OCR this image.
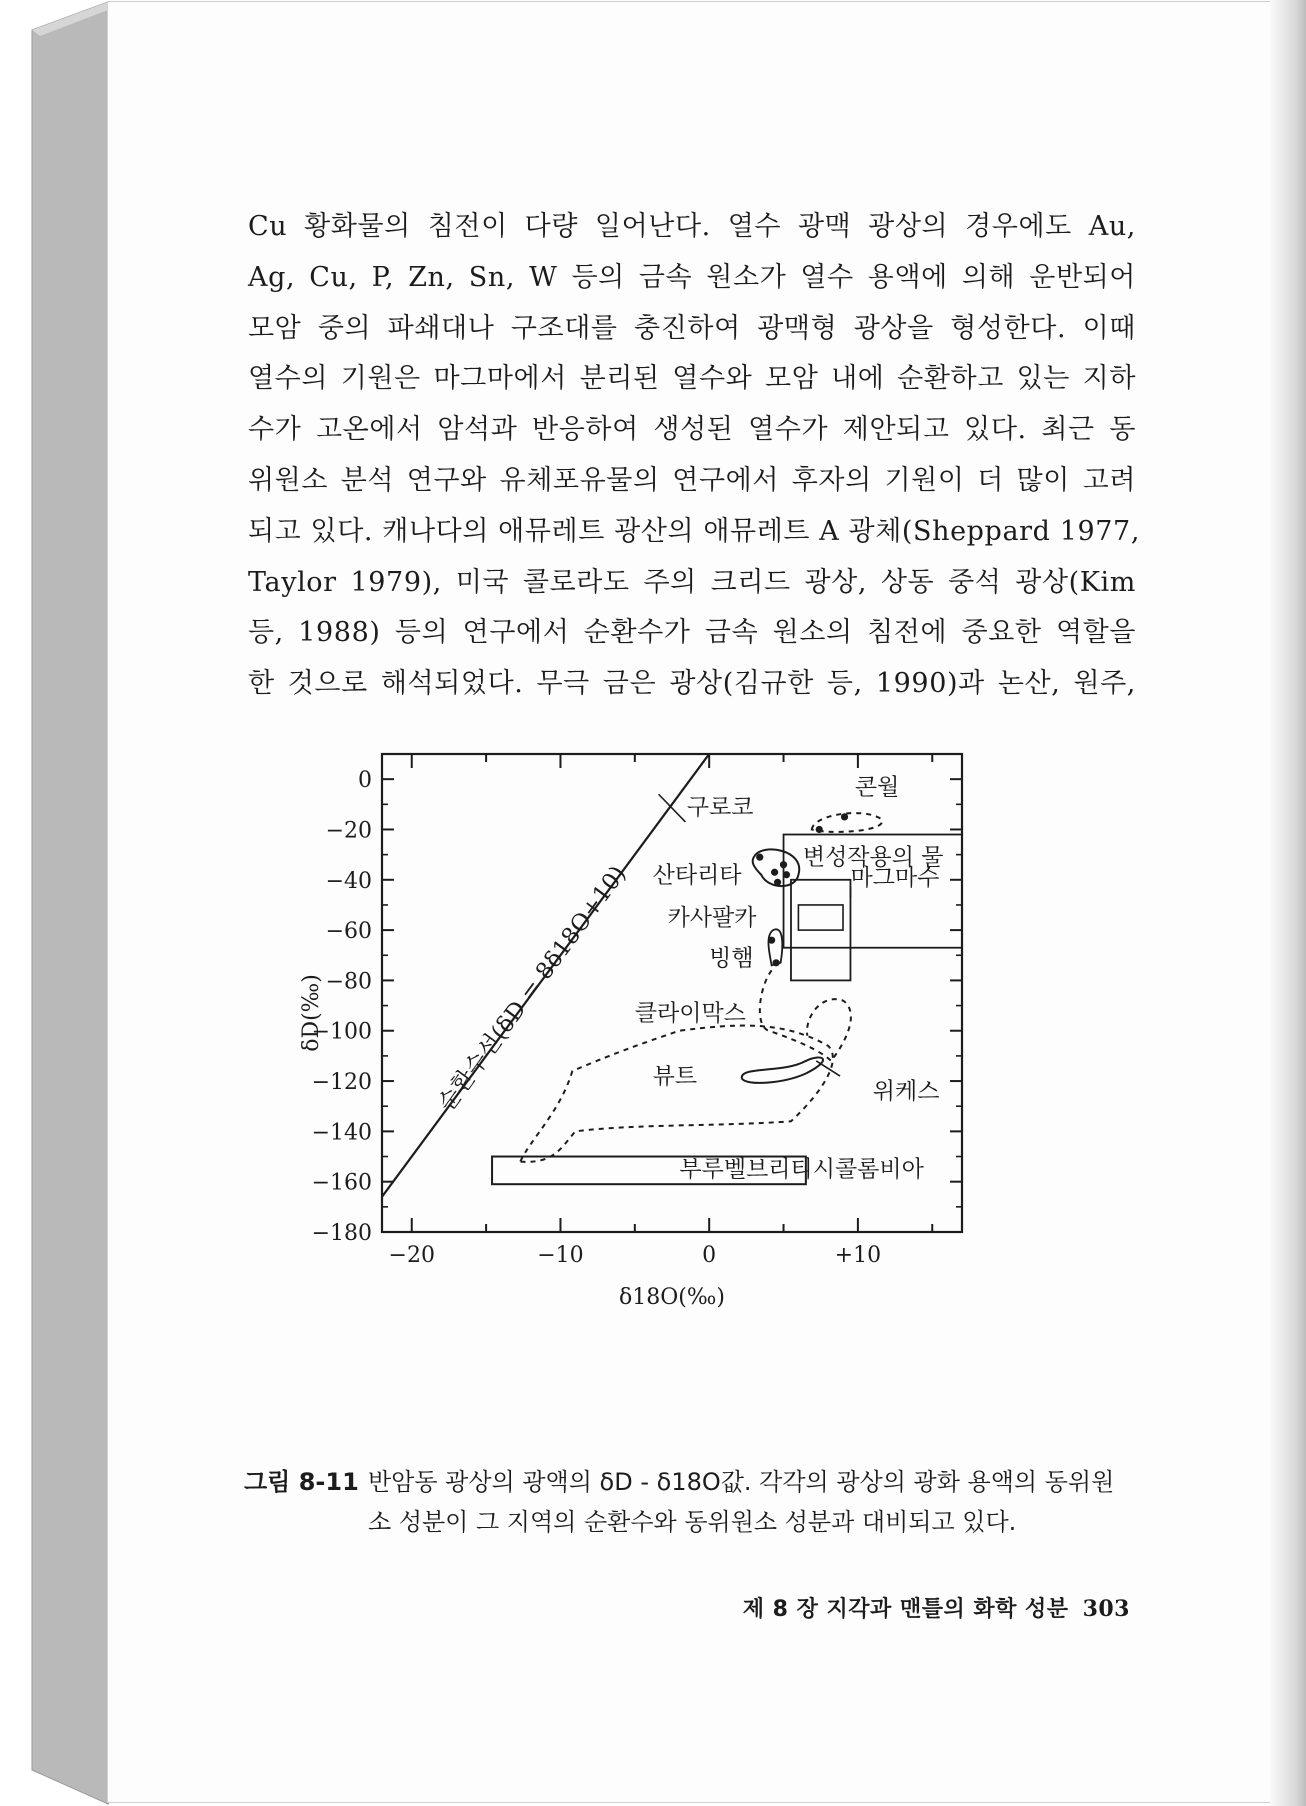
Cu 황화물의 침전이 다량 일어난다. 열수 광맥 광상의 경우에도 Au,
Ag, Cu, P, Zn, Sn, W 등의 금속 원소가 열수 용액에 의해 운반되어
모암 중의 파쇄대나 구조대를 충진하여 광맥형 광상을 형성한다. 이때
열수의 기원은 마그마에서 분리된 열수와 모암 내에 순환하고 있는 지하
수가 고온에서 암석과 반응하여 생성된 열수가 제안되고 있다. 최근 동
위원소 분석 연구와 유체포유물의 연구에서 후자의 기원이 더 많이 고려
되고 있다. 캐나다의 애뮤레트 광산의 애뮤레트 A 광체(Sheppard 1977,
Taylor 1979), 미국 콜로라도 주의 크리드 광상, 상동 중석 광상(Kim
등, 1988) 등의 연구에서 순환수가 금속 원소의 침전에 중요한 역할을
한 것으로 해석되었다. 무극 금은 광상(김규한 등, 1990)과 논산, 원주,
0
−20
−40
−60
−80
−100
−120
−140
−160
−180
−20	−10	0	+10
δ18O(‰)
δD(‰)	순환수선(δD = 8δ18O+10)
콘월
구로코
산타리타
카사팔카
빙햄
클라이막스
뷰트
위케스
부루벨브리티시콜롬비아
변성작용의 물
마그마수
그림 8-11 반암동 광상의 광액의 δD - δ18O값. 각각의 광상의 광화 용액의 동위원
소 성분이 그 지역의 순환수와 동위원소 성분과 대비되고 있다.
제 8 장 지각과 맨틀의 화학 성분 303
